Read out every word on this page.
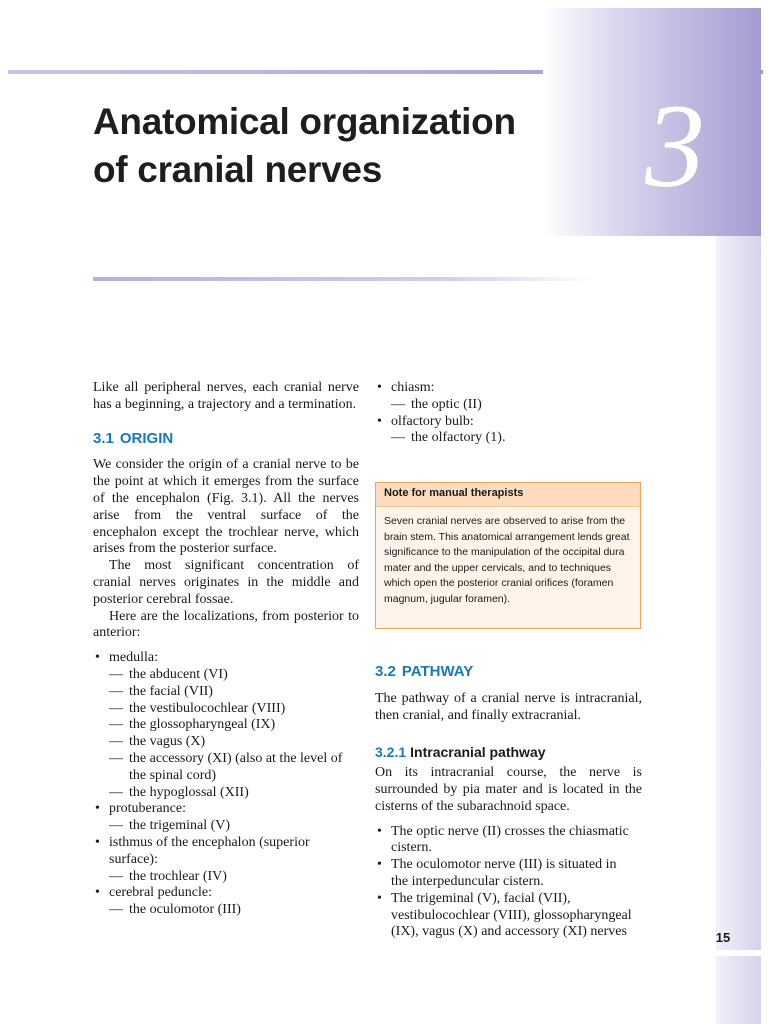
3
15
Anatomical organization of cranial nerves

Like all peripheral nerves, each cranial nerve has a beginning, a trajectory and a termination.

3.1 ORIGIN

We consider the origin of a cranial nerve to be the point at which it emerges from the surface of the encephalon (Fig. 3.1). All the nerves arise from the ventral surface of the encephalon except the trochlear nerve, which arises from the posterior surface.

The most significant concentration of cranial nerves originates in the middle and posterior cerebral fossae.

Here are the localizations, from posterior to anterior:

• medulla:
— the abducent (VI)
— the facial (VII)
— the vestibulocochlear (VIII)
— the glossopharyngeal (IX)
— the vagus (X)
— the accessory (XI) (also at the level of the spinal cord)
— the hypoglossal (XII)
• protuberance:
— the trigeminal (V)
• isthmus of the encephalon (superior surface):
— the trochlear (IV)
• cerebral peduncle:
— the oculomotor (III)
• chiasm:
— the optic (II)
• olfactory bulb:
— the olfactory (1).
Note for manual therapists
Seven cranial nerves are observed to arise from the brain stem. This anatomical arrangement lends great significance to the manipulation of the occipital dura mater and the upper cervicals, and to techniques which open the posterior cranial orifices (foramen magnum, jugular foramen).
3.2 PATHWAY

The pathway of a cranial nerve is intracranial, then cranial, and finally extracranial.

3.2.1 Intracranial pathway

On its intracranial course, the nerve is surrounded by pia mater and is located in the cisterns of the subarachnoid space.

• The optic nerve (II) crosses the chiasmatic cistern.
• The oculomotor nerve (III) is situated in the interpeduncular cistern.
• The trigeminal (V), facial (VII), vestibulocochlear (VIII), glossopharyngeal (IX), vagus (X) and accessory (XI) nerves
